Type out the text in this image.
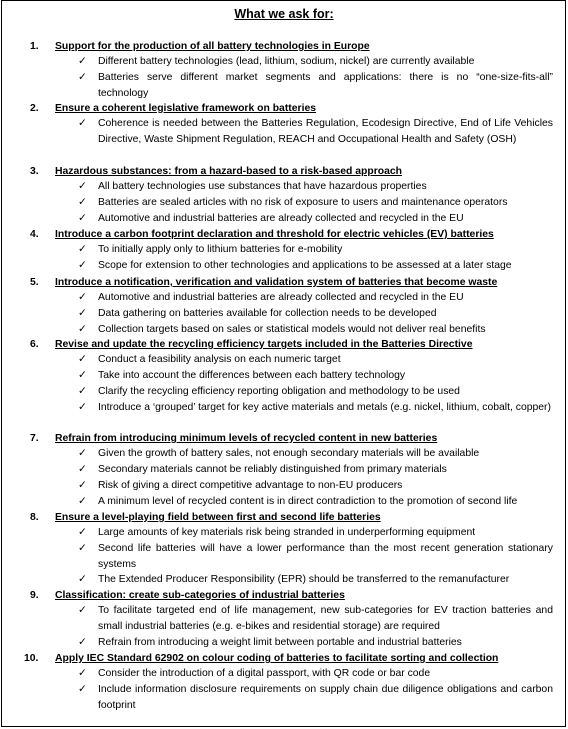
What we ask for:
1. Support for the production of all battery technologies in Europe
✓ Different battery technologies (lead, lithium, sodium, nickel) are currently available
✓ Batteries serve different market segments and applications: there is no “one-size-fits-all” technology
2. Ensure a coherent legislative framework on batteries
✓ Coherence is needed between the Batteries Regulation, Ecodesign Directive, End of Life Vehicles Directive, Waste Shipment Regulation, REACH and Occupational Health and Safety (OSH)
3. Hazardous substances: from a hazard-based to a risk-based approach
✓ All battery technologies use substances that have hazardous properties
✓ Batteries are sealed articles with no risk of exposure to users and maintenance operators
✓ Automotive and industrial batteries are already collected and recycled in the EU
4. Introduce a carbon footprint declaration and threshold for electric vehicles (EV) batteries
✓ To initially apply only to lithium batteries for e-mobility
✓ Scope for extension to other technologies and applications to be assessed at a later stage
5. Introduce a notification, verification and validation system of batteries that become waste
✓ Automotive and industrial batteries are already collected and recycled in the EU
✓ Data gathering on batteries available for collection needs to be developed
✓ Collection targets based on sales or statistical models would not deliver real benefits
6. Revise and update the recycling efficiency targets included in the Batteries Directive
✓ Conduct a feasibility analysis on each numeric target
✓ Take into account the differences between each battery technology
✓ Clarify the recycling efficiency reporting obligation and methodology to be used
✓ Introduce a ‘grouped’ target for key active materials and metals (e.g. nickel, lithium, cobalt, copper)
7. Refrain from introducing minimum levels of recycled content in new batteries
✓ Given the growth of battery sales, not enough secondary materials will be available
✓ Secondary materials cannot be reliably distinguished from primary materials
✓ Risk of giving a direct competitive advantage to non-EU producers
✓ A minimum level of recycled content is in direct contradiction to the promotion of second life
8. Ensure a level-playing field between first and second life batteries
✓ Large amounts of key materials risk being stranded in underperforming equipment
✓ Second life batteries will have a lower performance than the most recent generation stationary systems
✓ The Extended Producer Responsibility (EPR) should be transferred to the remanufacturer
9. Classification: create sub-categories of industrial batteries
✓ To facilitate targeted end of life management, new sub-categories for EV traction batteries and small industrial batteries (e.g. e-bikes and residential storage) are required
✓ Refrain from introducing a weight limit between portable and industrial batteries
10. Apply IEC Standard 62902 on colour coding of batteries to facilitate sorting and collection
✓ Consider the introduction of a digital passport, with QR code or bar code
✓ Include information disclosure requirements on supply chain due diligence obligations and carbon footprint
